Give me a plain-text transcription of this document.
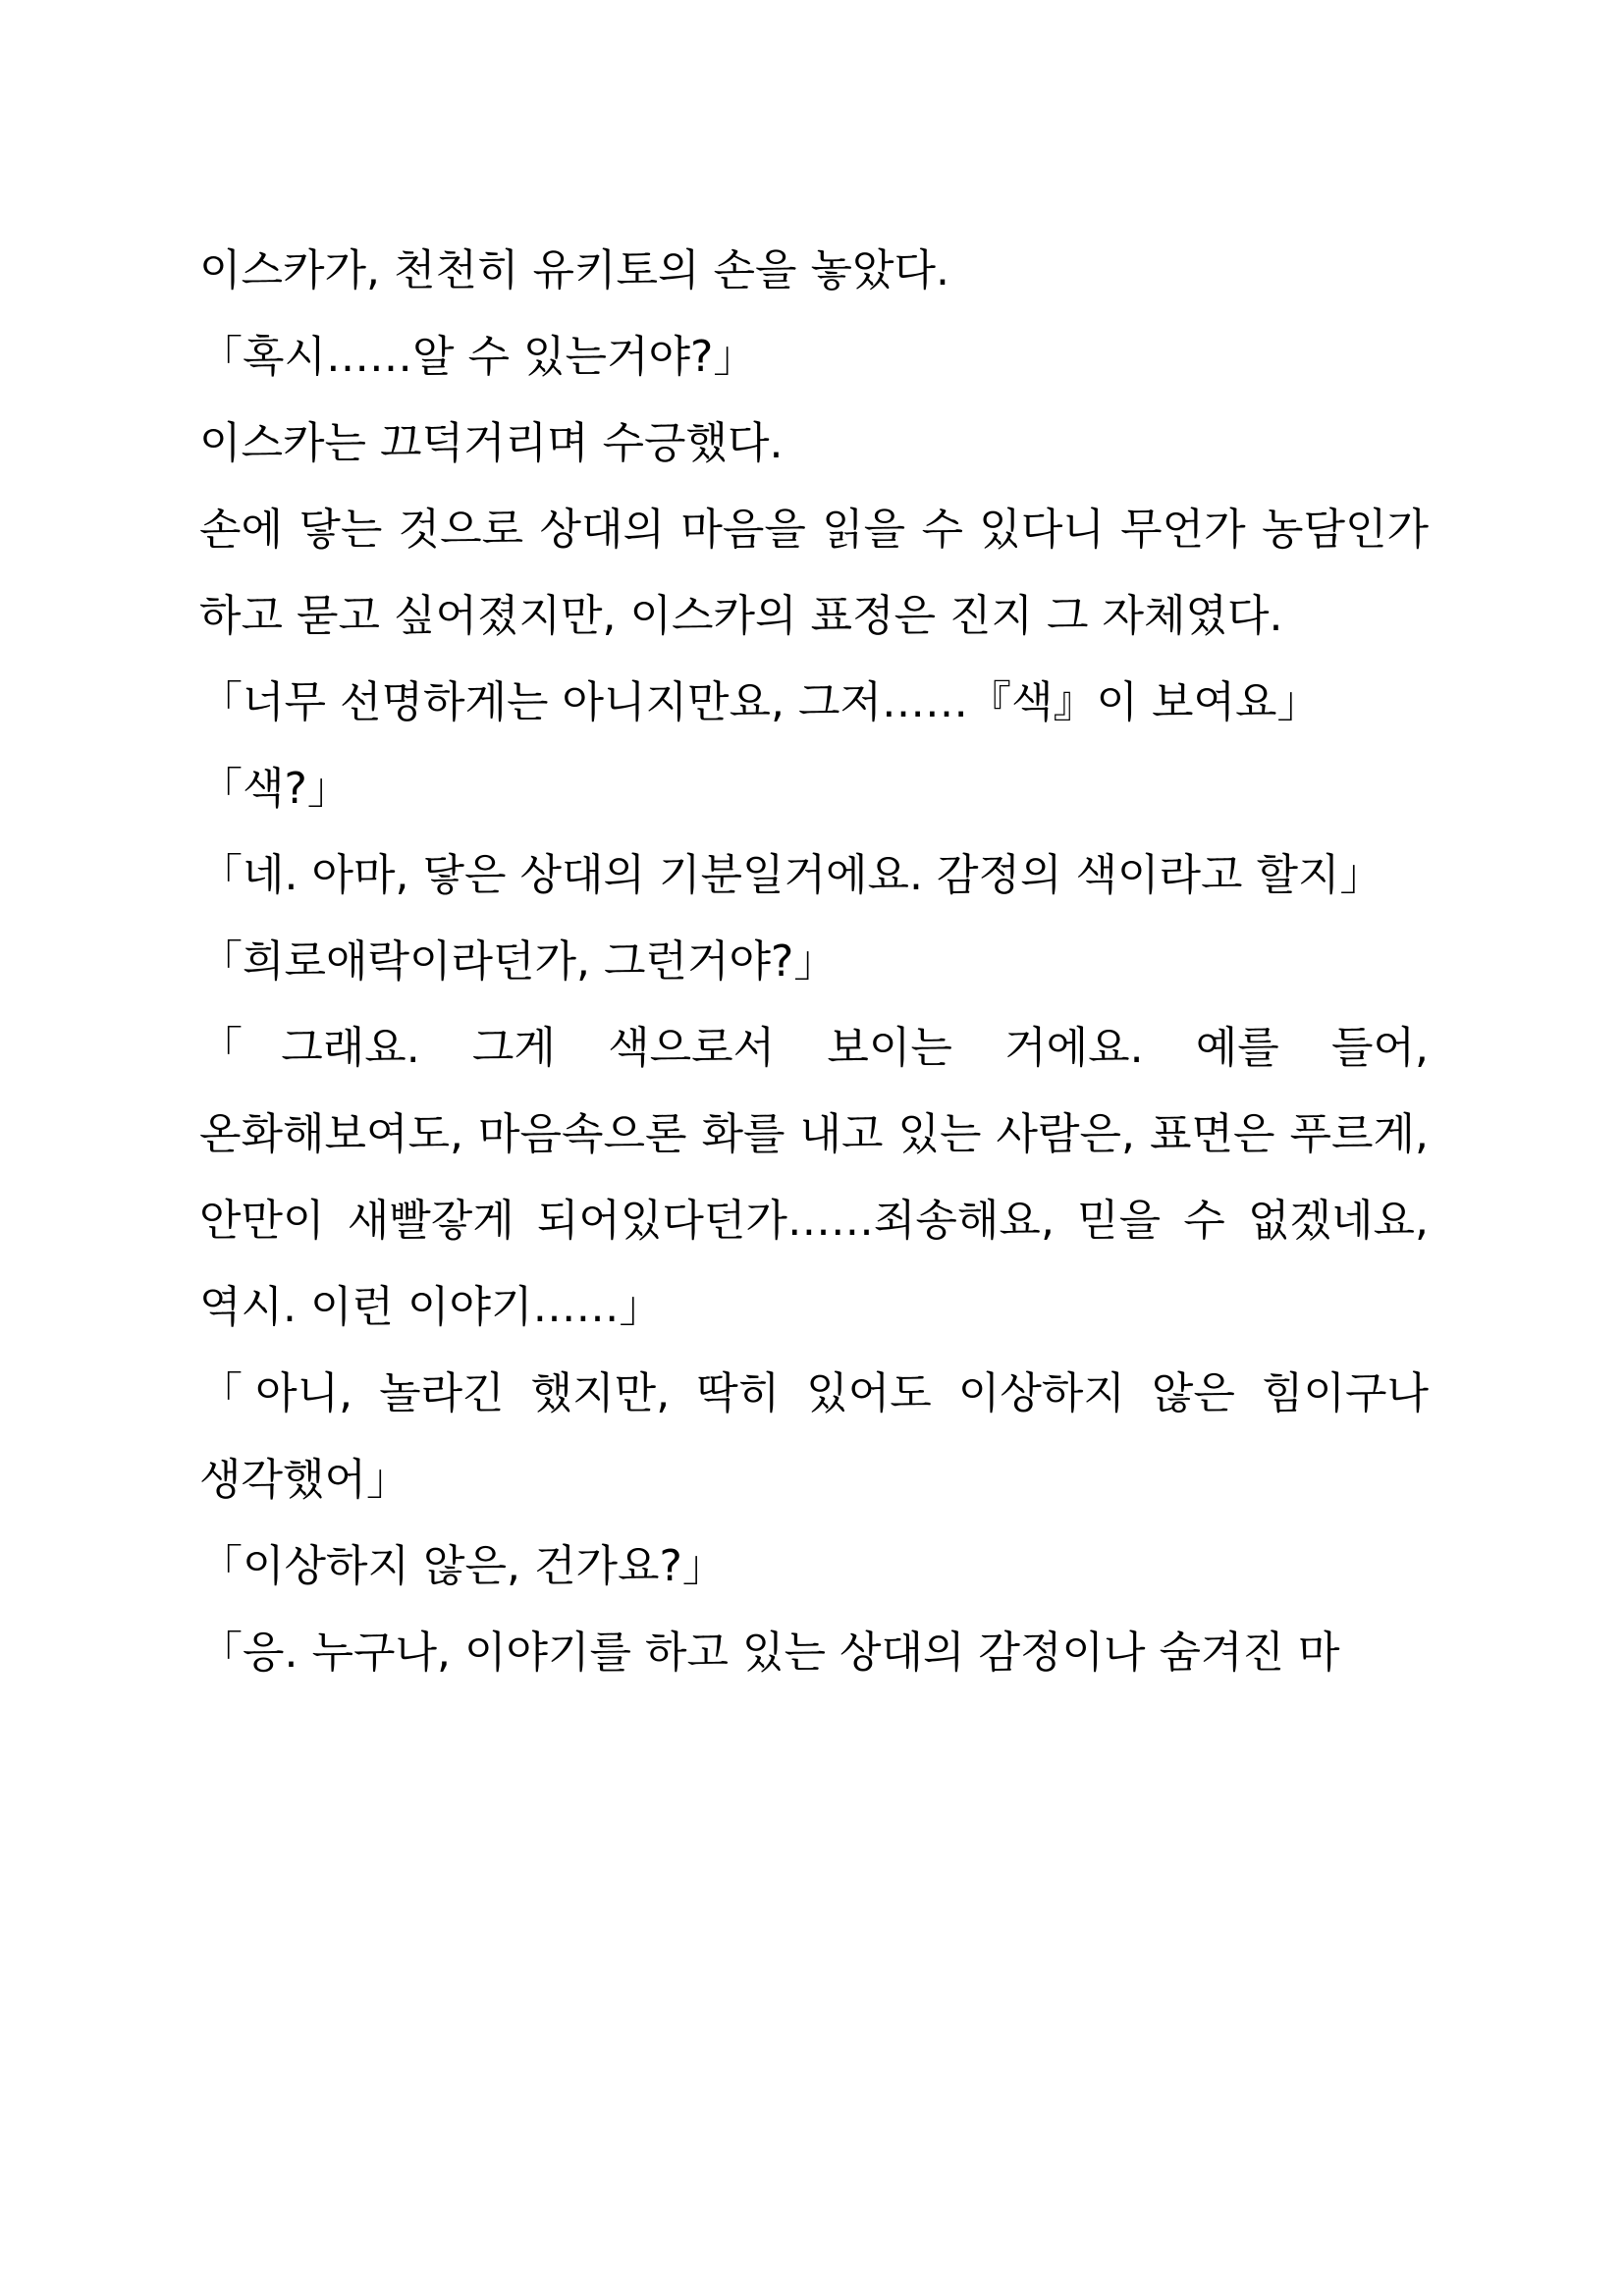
이스카가, 천천히 유키토의 손을 놓았다.

「혹시……알 수 있는거야?」

이스카는 끄덕거리며 수긍했다.

손에 닿는 것으로 상대의 마음을 읽을 수 있다니 무언가 농담인가 하고 묻고 싶어졌지만, 이스카의 표정은 진지 그 자체였다.

「너무 선명하게는 아니지만요, 그저……『색』이 보여요」

「색?」

「네. 아마, 닿은 상대의 기분일거에요. 감정의 색이라고 할지」

「희로애락이라던가, 그런거야?」

「그래요. 그게 색으로서 보이는 거에요. 예를 들어, 온화해보여도, 마음속으론 화를 내고 있는 사람은, 표면은 푸르게, 안만이 새빨갛게 되어있다던가……죄송해요, 믿을 수 없겠네요, 역시. 이런 이야기……」

「아니, 놀라긴 했지만, 딱히 있어도 이상하지 않은 힘이구나 생각했어」

「이상하지 않은, 건가요?」

「응. 누구나, 이야기를 하고 있는 상대의 감정이나 숨겨진 마
